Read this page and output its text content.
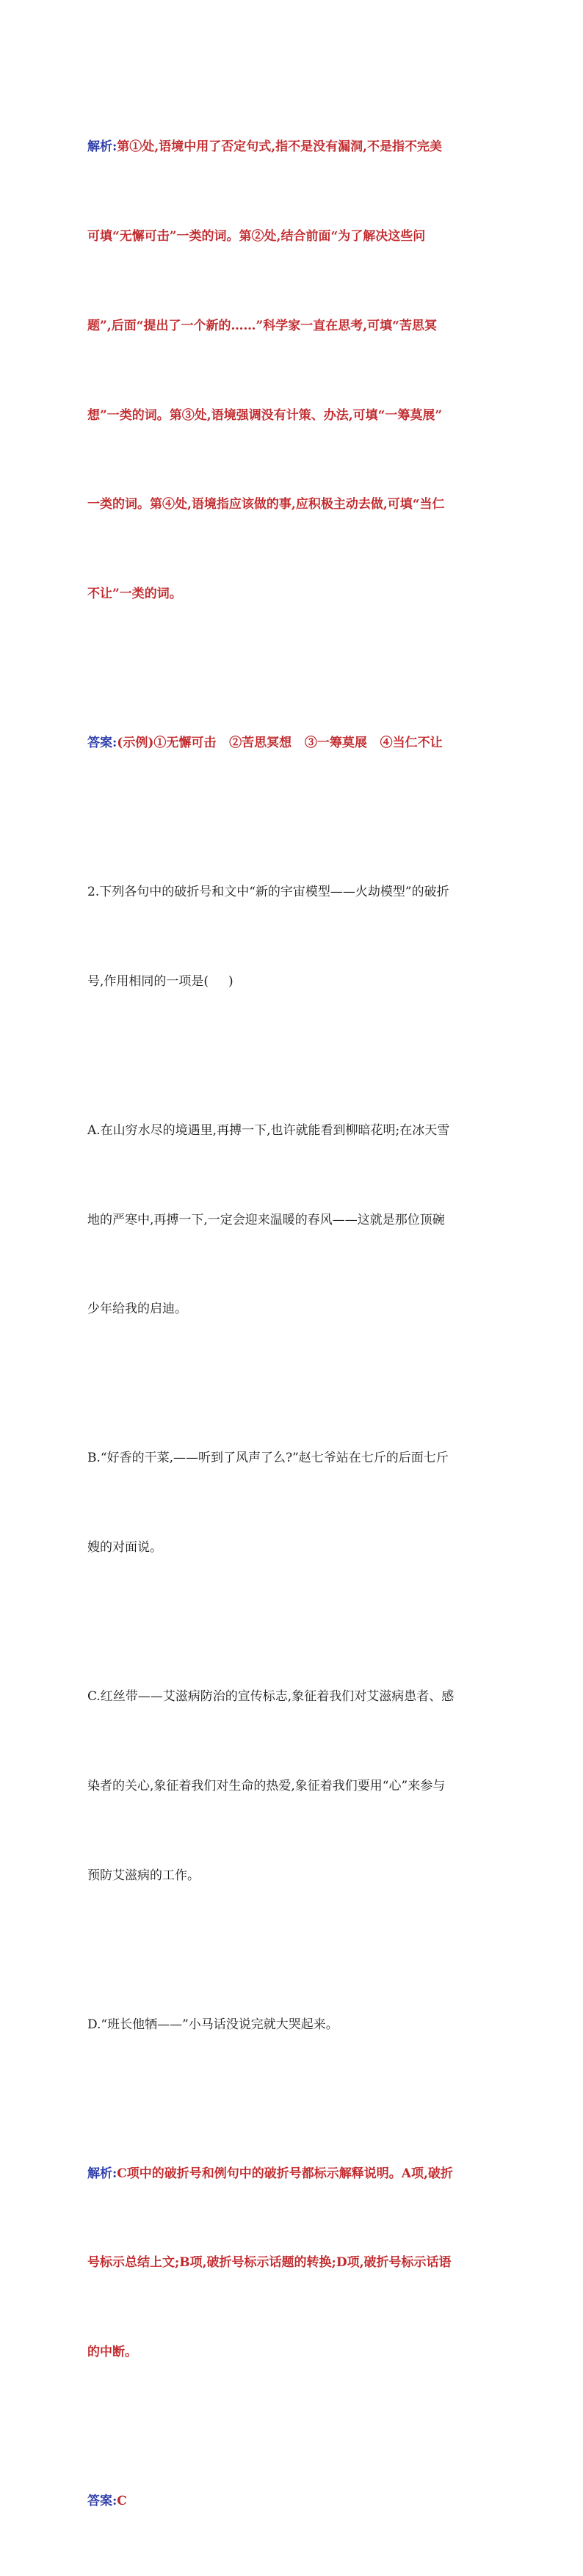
解析:第①处,语境中用了否定句式,指不是没有漏洞,不是指不完美

可填“无懈可击”一类的词。第②处,结合前面“为了解决这些问

题”,后面“提出了一个新的……”科学家一直在思考,可填“苦思冥

想”一类的词。第③处,语境强调没有计策、办法,可填“一筹莫展”

一类的词。第④处,语境指应该做的事,应积极主动去做,可填“当仁

不让”一类的词。

答案:(示例)①无懈可击   ②苦思冥想   ③一筹莫展   ④当仁不让

2.下列各句中的破折号和文中“新的宇宙模型——火劫模型”的破折

号,作用相同的一项是(     )

A.在山穷水尽的境遇里,再搏一下,也许就能看到柳暗花明;在冰天雪

地的严寒中,再搏一下,一定会迎来温暖的春风——这就是那位顶碗

少年给我的启迪。

B.“好香的干菜,——听到了风声了么?”赵七爷站在七斤的后面七斤

嫂的对面说。

C.红丝带——艾滋病防治的宣传标志,象征着我们对艾滋病患者、感

染者的关心,象征着我们对生命的热爱,象征着我们要用“心”来参与

预防艾滋病的工作。

D.“班长他牺——”小马话没说完就大哭起来。

解析:C项中的破折号和例句中的破折号都标示解释说明。A项,破折

号标示总结上文;B项,破折号标示话题的转换;D项,破折号标示话语

的中断。

答案:C
